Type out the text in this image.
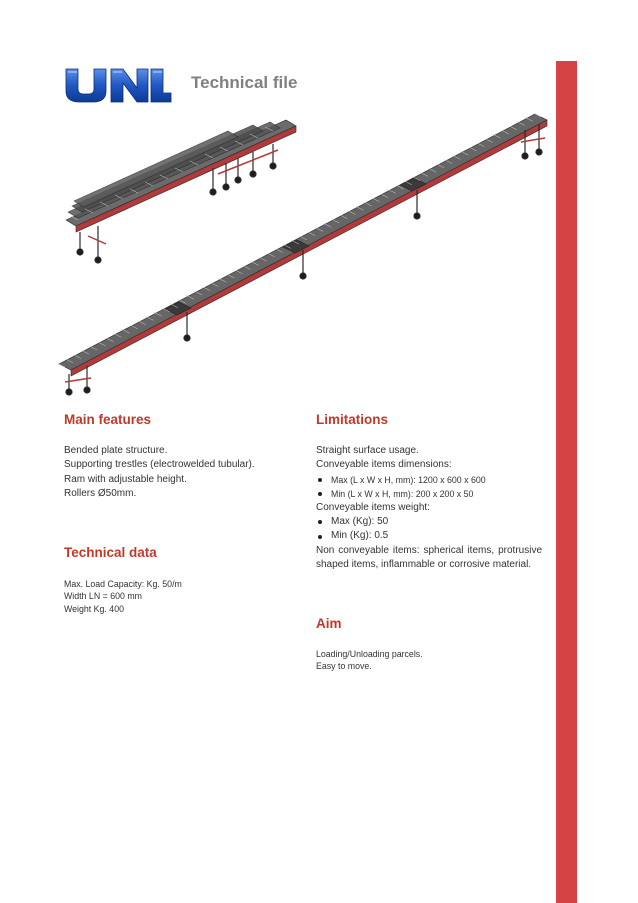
Technical file
Main features
Bended plate structure.
Supporting trestles (electrowelded tubular).
Ram with adjustable height.
Rollers Ø50mm.
Technical data
Max. Load Capacity: Kg. 50/m
Width LN = 600 mm
Weight Kg. 400
Limitations
Straight surface usage.
Conveyable items dimensions:
Max (L x W x H, mm): 1200 x 600 x 600
Min (L x W x H, mm): 200 x 200 x 50
Conveyable items weight:
Max (Kg): 50
Min (Kg): 0.5
Non conveyable items: spherical items, protrusive shaped items, inflammable or corrosive material.
Aim
Loading/Unloading parcels.
Easy to move.
